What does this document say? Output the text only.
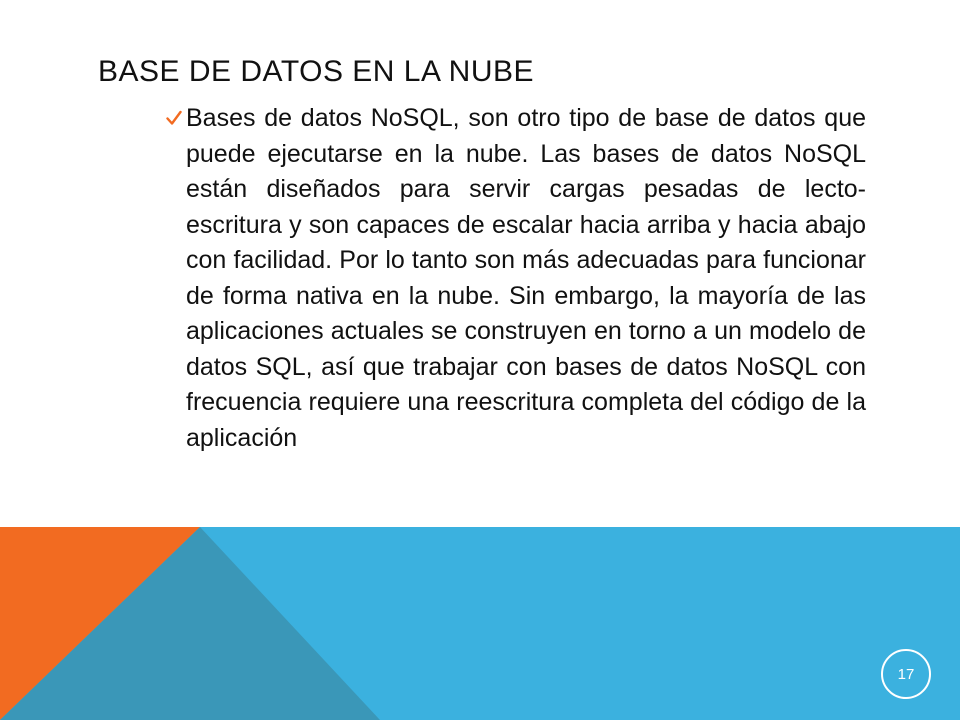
BASE DE DATOS EN LA NUBE

Bases de datos NoSQL, son otro tipo de base de datos que puede ejecutarse en la nube. Las bases de datos NoSQL están diseñados para servir cargas pesadas de lecto-escritura y son capaces de escalar hacia arriba y hacia abajo con facilidad. Por lo tanto son más adecuadas para funcionar de forma nativa en la nube. Sin embargo, la mayoría de las aplicaciones actuales se construyen en torno a un modelo de datos SQL, así que trabajar con bases de datos NoSQL con frecuencia requiere una reescritura completa del código de la aplicación

17
